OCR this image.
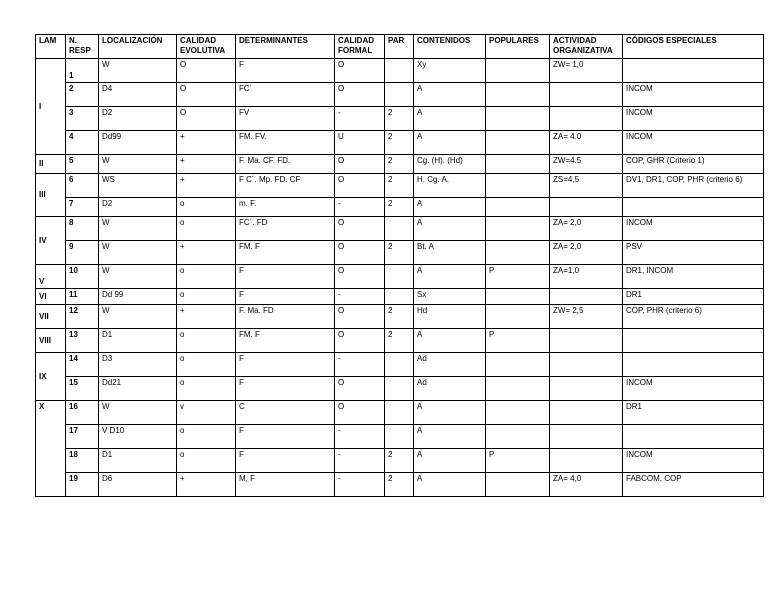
LAM	N. RESP	LOCALIZACIÓN	CALIDAD EVOLUTIVA	DETERMINANTES	CALIDAD FORMAL	PAR	CONTENIDOS	POPULARES	ACTIVIDAD ORGANIZATIVA	CÓDIGOS ESPECIALES
I	1	W	O	F	O		Xy		ZW= 1,0	
	2	D4	O	FC´	O		A			INCOM
	3	D2	O	FV	-	2	A			INCOM
	4	Dd99	+	FM. FV.	U	2	A		ZA= 4.0	INCOM
II	5	W	+	F. Ma. CF. FD.	O	2	Cg. (H). (Hd)		ZW=4.5	COP, GHR (Criterio 1)
III	6	WS	+	F C´. Mp. FD. CF	O	2	H. Cg. A.		ZS=4,5	DV1, DR1, COP, PHR (criterio 6)
	7	D2	o	m. F.	-	2	A			
IV	8	W	o	FC´. FD	O		A		ZA= 2,0	INCOM
	9	W	+	FM. F	O	2	Bt. A		ZA= 2,0	PSV
V	10	W	o	F	O		A	P	ZA=1,0	DR1, INCOM
VI	11	Dd 99	o	F	-		Sx			DR1
VII	12	W	+	F. Ma. FD	O	2	Hd		ZW= 2,5	COP, PHR (criterio 6)
VIII	13	D1	o	FM. F	O	2	A	P		
IX	14	D3	o	F	-		Ad			
	15	Dd21	o	F	O		Ad			INCOM
X	16	W	v	C	O		A			DR1
	17	V D10	o	F	-		A			
	18	D1	o	F	-	2	A	P		INCOM
	19	D6	+	M, F	-	2	A		ZA= 4,0	FABCOM, COP
